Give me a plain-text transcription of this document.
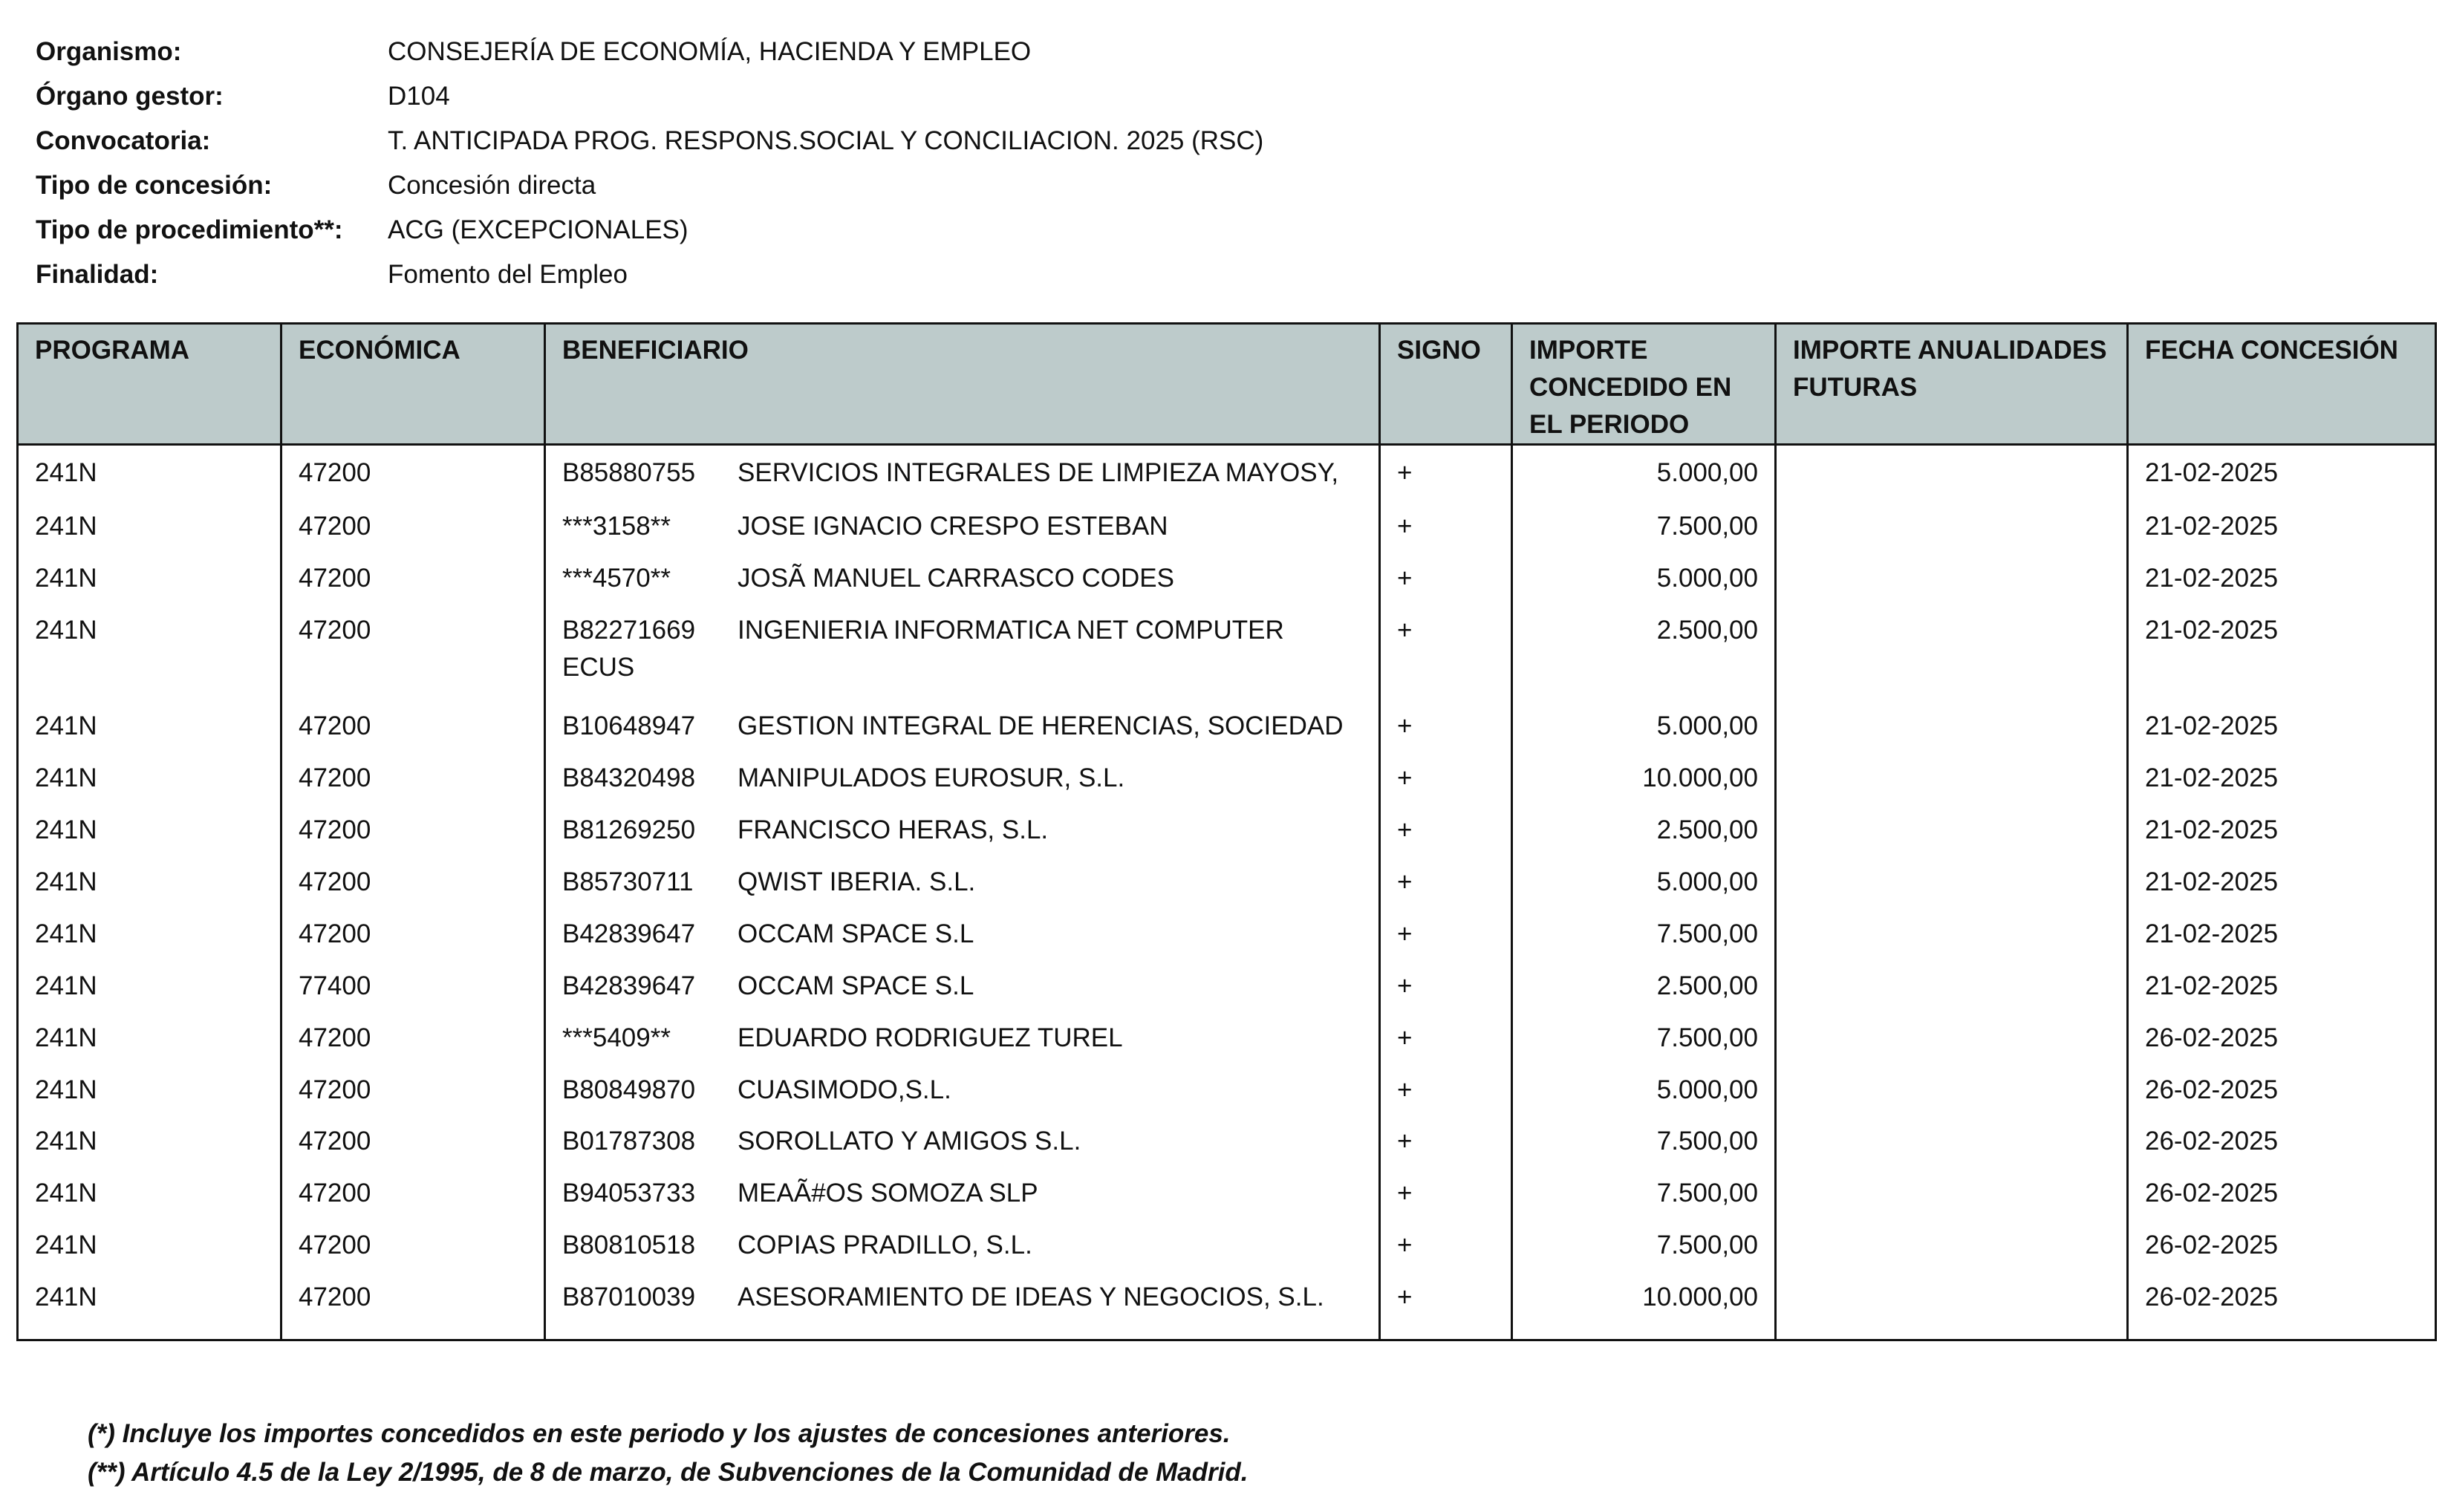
Organismo:	CONSEJERÍA DE ECONOMÍA, HACIENDA Y EMPLEO
Órgano gestor:	D104
Convocatoria:	T. ANTICIPADA PROG. RESPONS.SOCIAL Y CONCILIACION. 2025 (RSC)
Tipo de concesión:	Concesión directa
Tipo de procedimiento**:	ACG (EXCEPCIONALES)
Finalidad:	Fomento del Empleo
PROGRAMA	ECONÓMICA	BENEFICIARIO	SIGNO	IMPORTE CONCEDIDO EN EL PERIODO	IMPORTE ANUALIDADES FUTURAS	FECHA CONCESIÓN
241N	47200	B85880755 SERVICIOS INTEGRALES DE LIMPIEZA MAYOSY,	+	5.000,00		21-02-2025
241N	47200	***3158** JOSE IGNACIO CRESPO ESTEBAN	+	7.500,00		21-02-2025
241N	47200	***4570** JOSÃ MANUEL CARRASCO CODES	+	5.000,00		21-02-2025
241N	47200	B82271669 INGENIERIA INFORMATICA NET COMPUTER ECUS	+	2.500,00		21-02-2025
241N	47200	B10648947 GESTION INTEGRAL DE HERENCIAS, SOCIEDAD	+	5.000,00		21-02-2025
241N	47200	B84320498 MANIPULADOS EUROSUR, S.L.	+	10.000,00		21-02-2025
241N	47200	B81269250 FRANCISCO HERAS, S.L.	+	2.500,00		21-02-2025
241N	47200	B85730711 QWIST IBERIA. S.L.	+	5.000,00		21-02-2025
241N	47200	B42839647 OCCAM SPACE S.L	+	7.500,00		21-02-2025
241N	77400	B42839647 OCCAM SPACE S.L	+	2.500,00		21-02-2025
241N	47200	***5409** EDUARDO RODRIGUEZ TUREL	+	7.500,00		26-02-2025
241N	47200	B80849870 CUASIMODO,S.L.	+	5.000,00		26-02-2025
241N	47200	B01787308 SOROLLATO Y AMIGOS S.L.	+	7.500,00		26-02-2025
241N	47200	B94053733 MEAÃ#OS SOMOZA SLP	+	7.500,00		26-02-2025
241N	47200	B80810518 COPIAS PRADILLO, S.L.	+	7.500,00		26-02-2025
241N	47200	B87010039 ASESORAMIENTO DE IDEAS Y NEGOCIOS, S.L.	+	10.000,00		26-02-2025

(*) Incluye los importes concedidos en este periodo y los ajustes de concesiones anteriores.
(**) Artículo 4.5 de la Ley 2/1995, de 8 de marzo, de Subvenciones de la Comunidad de Madrid.
